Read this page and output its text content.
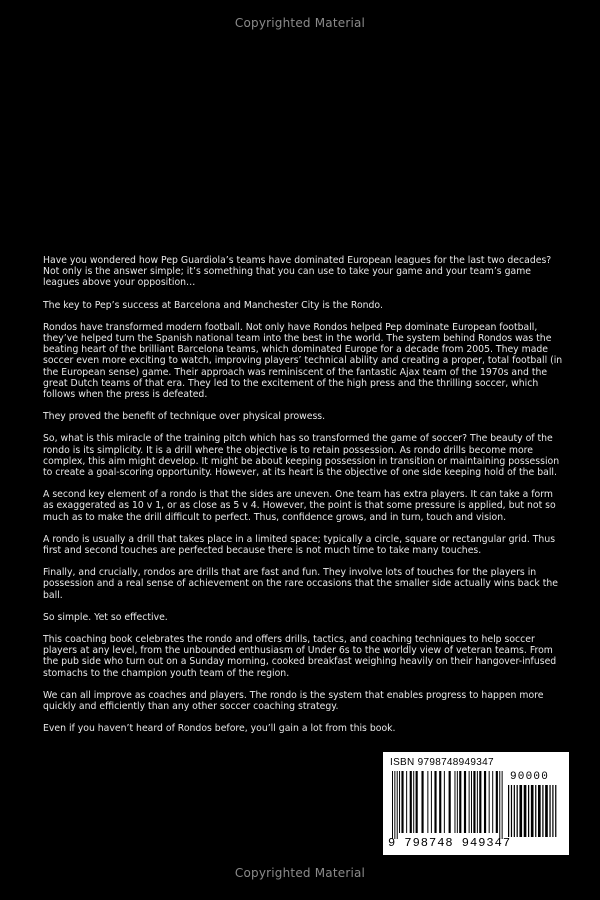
Copyrighted Material

Have you wondered how Pep Guardiola’s teams have dominated European leagues for the last two decades? Not only is the answer simple; it’s something that you can use to take your game and your team’s game leagues above your opposition…

The key to Pep’s success at Barcelona and Manchester City is the Rondo.

Rondos have transformed modern football. Not only have Rondos helped Pep dominate European football, they’ve helped turn the Spanish national team into the best in the world. The system behind Rondos was the beating heart of the brilliant Barcelona teams, which dominated Europe for a decade from 2005. They made soccer even more exciting to watch, improving players’ technical ability and creating a proper, total football (in the European sense) game. Their approach was reminiscent of the fantastic Ajax team of the 1970s and the great Dutch teams of that era. They led to the excitement of the high press and the thrilling soccer, which follows when the press is defeated.

They proved the benefit of technique over physical prowess.

So, what is this miracle of the training pitch which has so transformed the game of soccer? The beauty of the rondo is its simplicity. It is a drill where the objective is to retain possession. As rondo drills become more complex, this aim might develop. It might be about keeping possession in transition or maintaining possession to create a goal-scoring opportunity. However, at its heart is the objective of one side keeping hold of the ball.

A second key element of a rondo is that the sides are uneven. One team has extra players. It can take a form as exaggerated as 10 v 1, or as close as 5 v 4. However, the point is that some pressure is applied, but not so much as to make the drill difficult to perfect. Thus, confidence grows, and in turn, touch and vision.

A rondo is usually a drill that takes place in a limited space; typically a circle, square or rectangular grid. Thus first and second touches are perfected because there is not much time to take many touches.

Finally, and crucially, rondos are drills that are fast and fun. They involve lots of touches for the players in possession and a real sense of achievement on the rare occasions that the smaller side actually wins back the ball.

So simple. Yet so effective.

This coaching book celebrates the rondo and offers drills, tactics, and coaching techniques to help soccer players at any level, from the unbounded enthusiasm of Under 6s to the worldly view of veteran teams. From the pub side who turn out on a Sunday morning, cooked breakfast weighing heavily on their hangover-infused stomachs to the champion youth team of the region.

We can all improve as coaches and players. The rondo is the system that enables progress to happen more quickly and efficiently than any other soccer coaching strategy.

Even if you haven’t heard of Rondos before, you’ll gain a lot from this book.

ISBN 9798748949347
90000
9 798748 949347
Copyrighted Material
